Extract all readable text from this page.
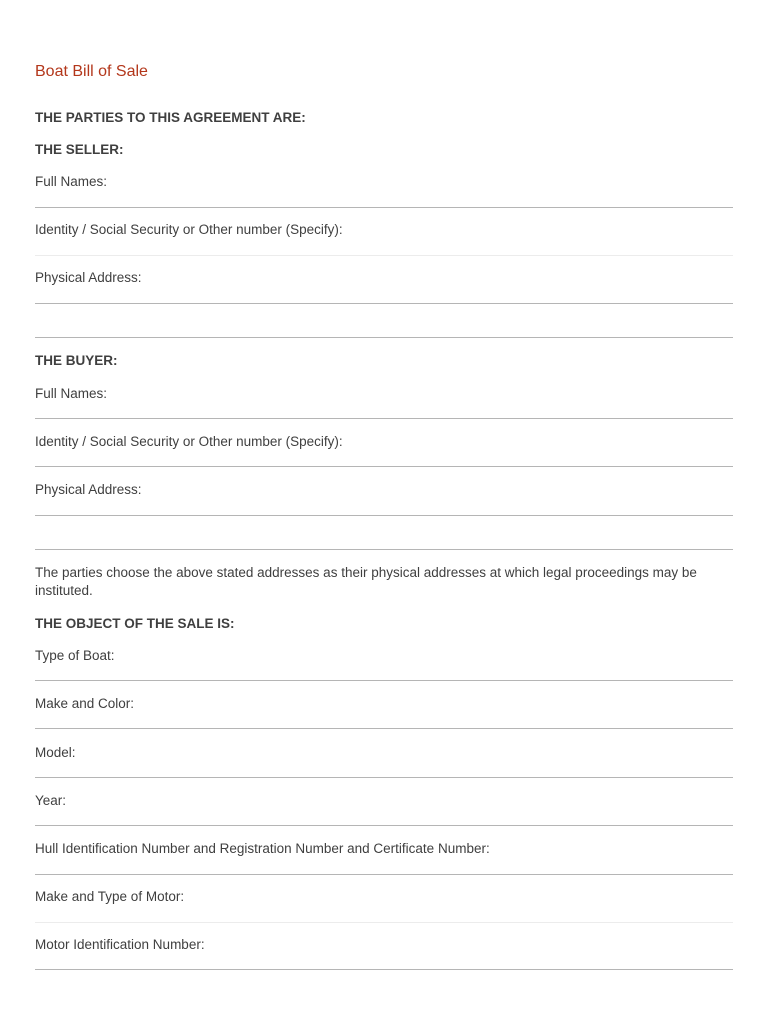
Boat Bill of Sale
THE PARTIES TO THIS AGREEMENT ARE:
THE SELLER:
Full Names:
Identity / Social Security or Other number (Specify):
Physical Address:
THE BUYER:
Full Names:
Identity / Social Security or Other number (Specify):
Physical Address:
The parties choose the above stated addresses as their physical addresses at which legal proceedings may be instituted.
THE OBJECT OF THE SALE IS:
Type of Boat:
Make and Color:
Model:
Year:
Hull Identification Number and Registration Number and Certificate Number:
Make and Type of Motor:
Motor Identification Number:
